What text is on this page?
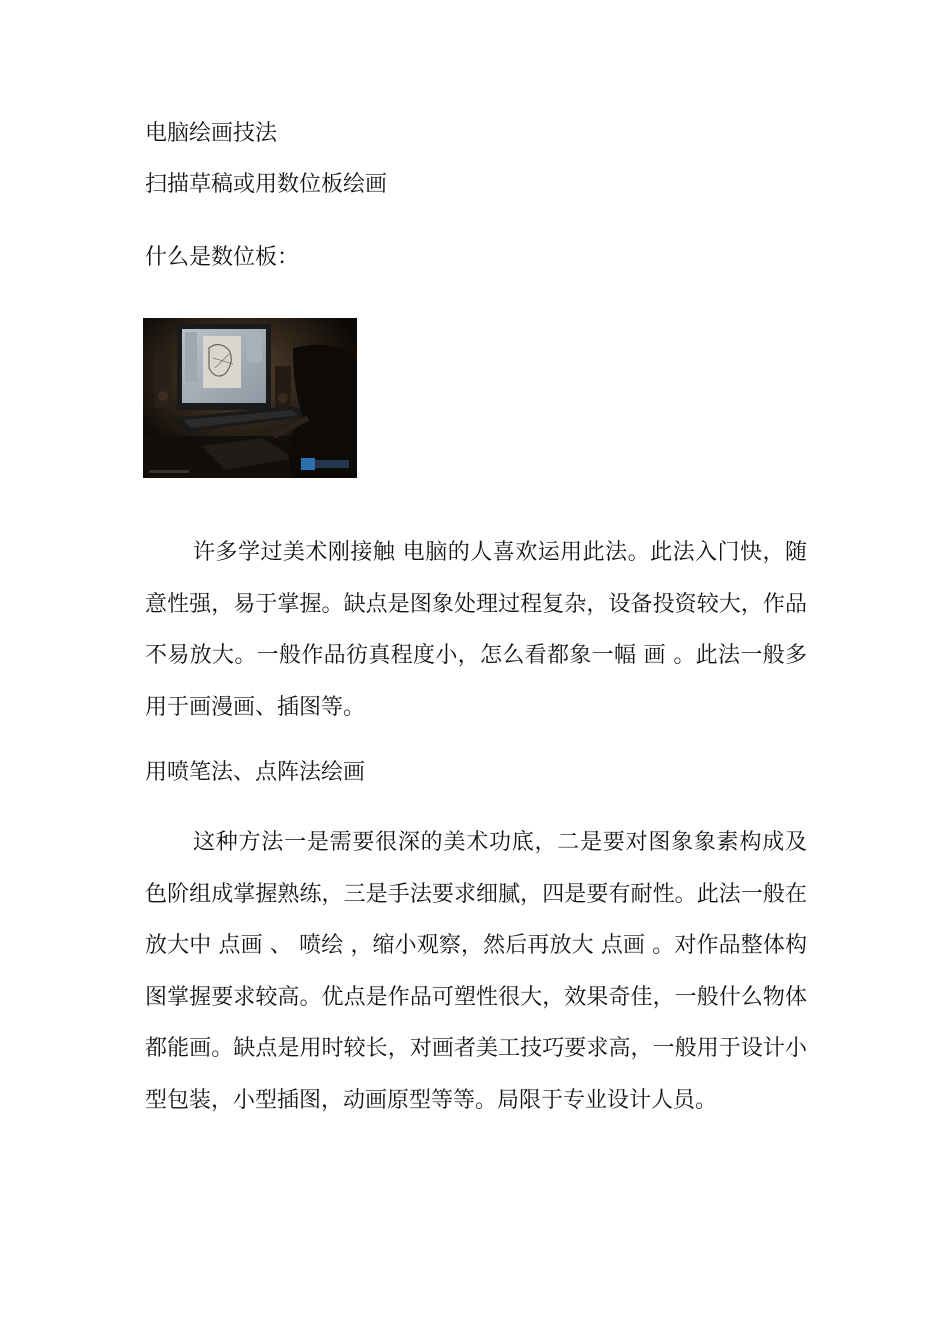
电脑绘画技法
扫描草稿或用数位板绘画
什么是数位板：

许多学过美术刚接触 电脑的人喜欢运用此法。此法入门快，随意性强，易于掌握。缺点是图象处理过程复杂，设备投资较大，作品不易放大。一般作品彷真程度小，怎么看都象一幅 画 。此法一般多用于画漫画、插图等。

用喷笔法、点阵法绘画

这种方法一是需要很深的美术功底，二是要对图象象素构成及色阶组成掌握熟练，三是手法要求细腻，四是要有耐性。此法一般在放大中 点画 、 喷绘 ，缩小观察，然后再放大 点画 。对作品整体构图掌握要求较高。优点是作品可塑性很大，效果奇佳，一般什么物体都能画。缺点是用时较长，对画者美工技巧要求高，一般用于设计小型包装，小型插图，动画原型等等。局限于专业设计人员。
